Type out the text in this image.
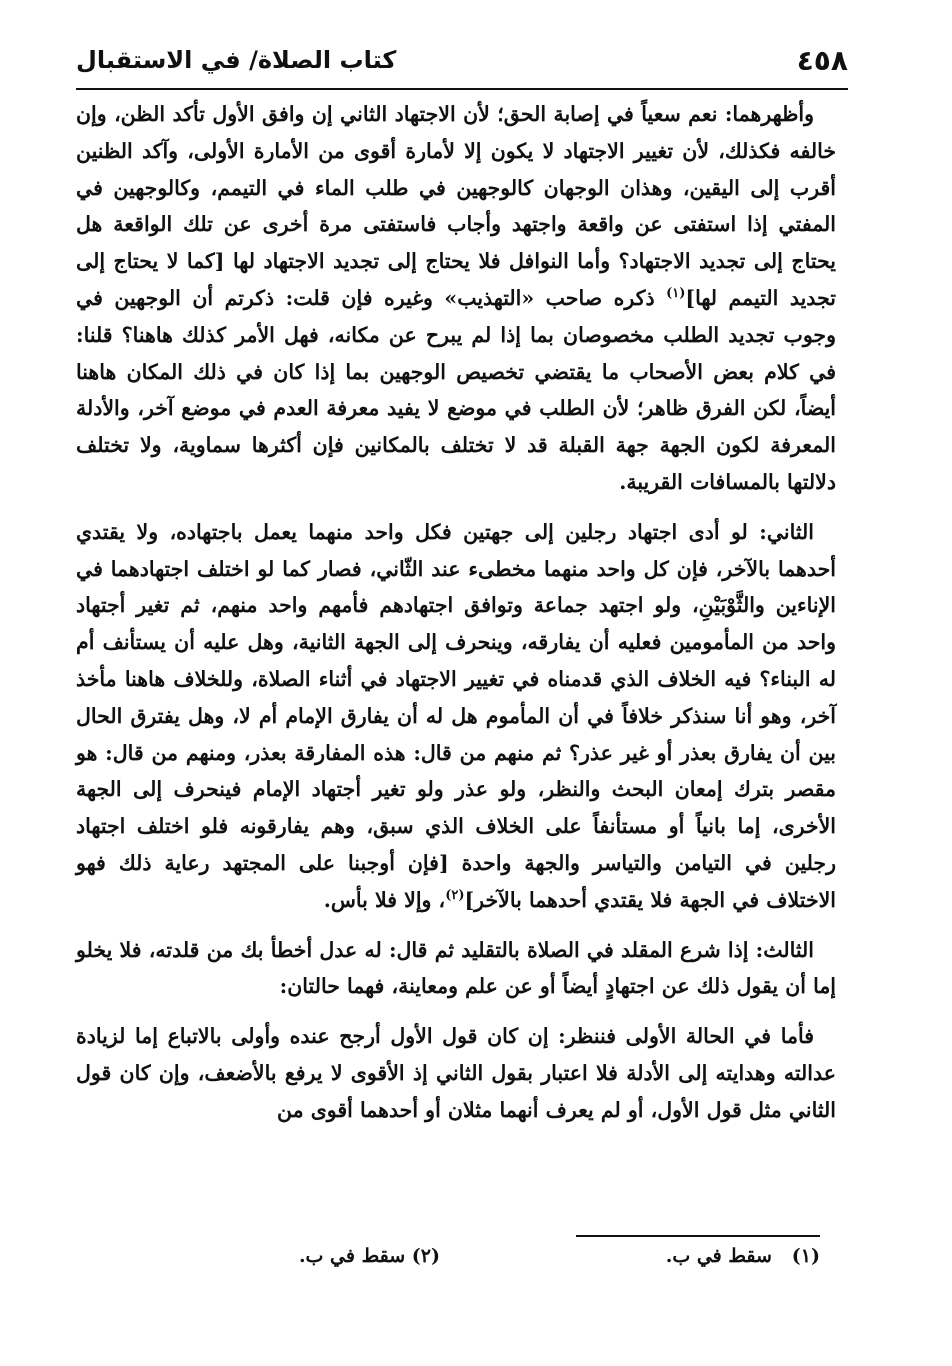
٤٥٨
كتاب الصلاة/ في الاستقبال

وأظهرهما: نعم سعياً في إصابة الحق؛ لأن الاجتهاد الثاني إن وافق الأول تأكد الظن، وإن خالفه فكذلك، لأن تغيير الاجتهاد لا يكون إلا لأمارة أقوى من الأمارة الأولى، وآكد الظنين أقرب إلى اليقين، وهذان الوجهان كالوجهين في طلب الماء في التيمم، وكالوجهين في المفتي إذا استفتى عن واقعة واجتهد وأجاب فاستفتى مرة أخرى عن تلك الواقعة هل يحتاج إلى تجديد الاجتهاد؟ وأما النوافل فلا يحتاج إلى تجديد الاجتهاد لها [كما لا يحتاج إلى تجديد التيمم لها]$^{(١)}$ ذكره صاحب «التهذيب» وغيره فإن قلت: ذكرتم أن الوجهين في وجوب تجديد الطلب مخصوصان بما إذا لم يبرح عن مكانه، فهل الأمر كذلك هاهنا؟ قلنا: في كلام بعض الأصحاب ما يقتضي تخصيص الوجهين بما إذا كان في ذلك المكان هاهنا أيضاً، لكن الفرق ظاهر؛ لأن الطلب في موضع لا يفيد معرفة العدم في موضع آخر، والأدلة المعرفة لكون الجهة جهة القبلة قد لا تختلف بالمكانين فإن أكثرها سماوية، ولا تختلف دلالتها بالمسافات القريبة.

الثاني: لو أدى اجتهاد رجلين إلى جهتين فكل واحد منهما يعمل باجتهاده، ولا يقتدي أحدهما بالآخر، فإن كل واحد منهما مخطىء عند الثّاني، فصار كما لو اختلف اجتهادهما في الإناءين والثَّوْبَيْنِ، ولو اجتهد جماعة وتوافق اجتهادهم فأمهم واحد منهم، ثم تغير أجتهاد واحد من المأمومين فعليه أن يفارقه، وينحرف إلى الجهة الثانية، وهل عليه أن يستأنف أم له البناء؟ فيه الخلاف الذي قدمناه في تغيير الاجتهاد في أثناء الصلاة، وللخلاف هاهنا مأخذ آخر، وهو أنا سنذكر خلافاً في أن المأموم هل له أن يفارق الإمام أم لا، وهل يفترق الحال بين أن يفارق بعذر أو غير عذر؟ ثم منهم من قال: هذه المفارقة بعذر، ومنهم من قال: هو مقصر بترك إمعان البحث والنظر، ولو عذر ولو تغير أجتهاد الإمام فينحرف إلى الجهة الأخرى، إما بانياً أو مستأنفاً على الخلاف الذي سبق، وهم يفارقونه فلو اختلف اجتهاد رجلين في التيامن والتياسر والجهة واحدة [فإن أوجبنا على المجتهد رعاية ذلك فهو الاختلاف في الجهة فلا يقتدي أحدهما بالآخر]$^{(٢)}$، وإلا فلا بأس.

الثالث: إذا شرع المقلد في الصلاة بالتقليد ثم قال: له عدل أخطأ بك من قلدته، فلا يخلو إما أن يقول ذلك عن اجتهادٍ أيضاً أو عن علم ومعاينة، فهما حالتان:

فأما في الحالة الأولى فننظر: إن كان قول الأول أرجح عنده وأولى بالاتباع إما لزيادة عدالته وهدايته إلى الأدلة فلا اعتبار بقول الثاني إذ الأقوى لا يرفع بالأضعف، وإن كان قول الثاني مثل قول الأول، أو لم يعرف أنهما مثلان أو أحدهما أقوى من

(١)   سقط في ب.
(٢) سقط في ب.
